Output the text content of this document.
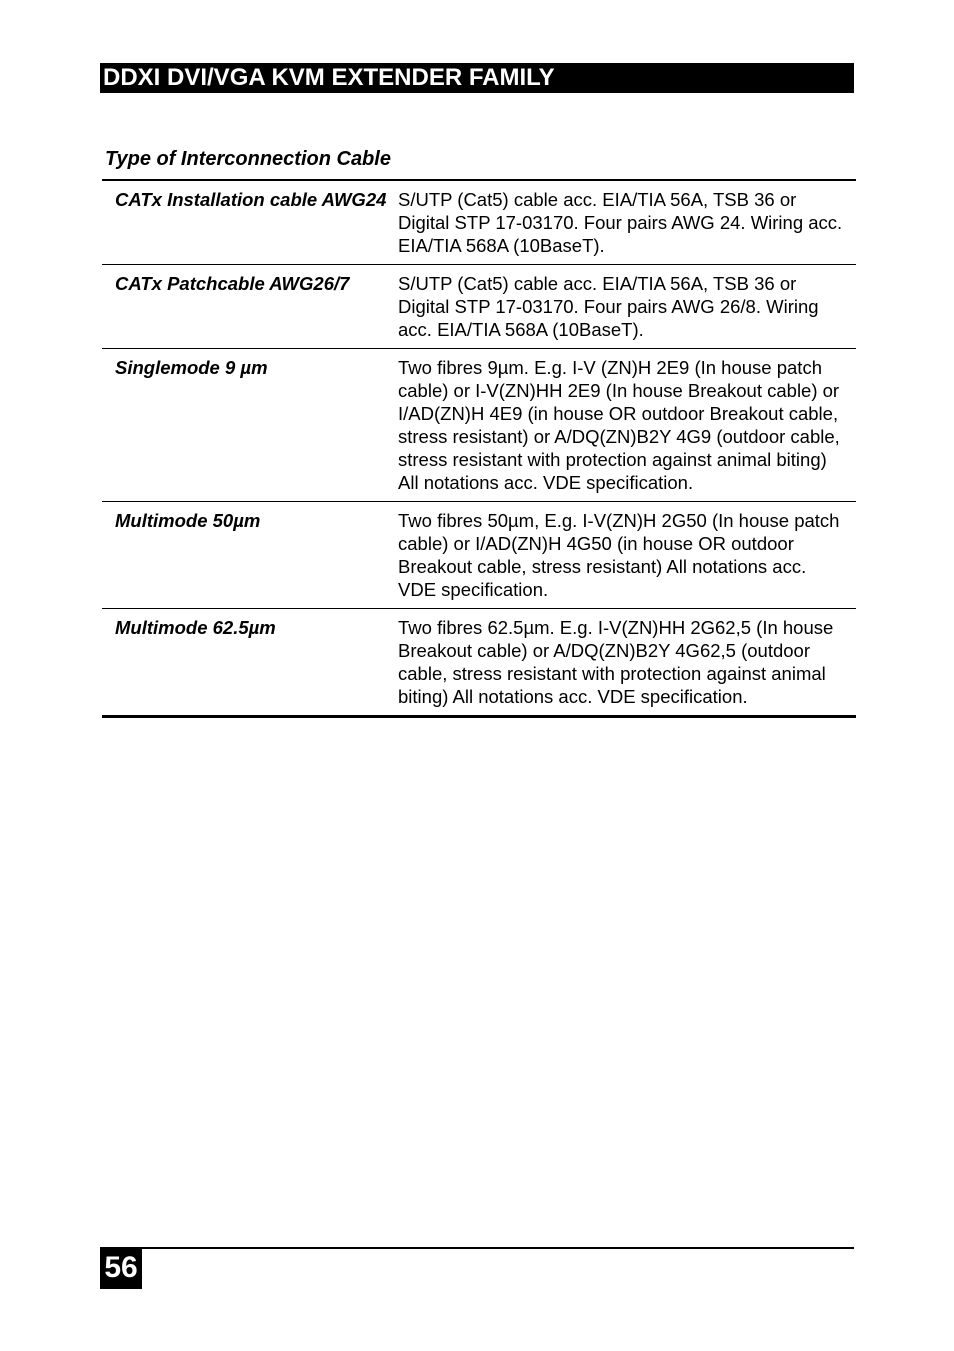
DDXI DVI/VGA KVM EXTENDER FAMILY
Type of Interconnection Cable
CATx Installation cable AWG24	S/UTP (Cat5) cable acc. EIA/TIA 56A, TSB 36 or Digital STP 17-03170. Four pairs AWG 24. Wiring acc. EIA/TIA 568A (10BaseT).
CATx Patchcable AWG26/7	S/UTP (Cat5) cable acc. EIA/TIA 56A, TSB 36 or Digital STP 17-03170. Four pairs AWG 26/8. Wiring acc. EIA/TIA 568A (10BaseT).
Singlemode 9 µm	Two fibres 9µm. E.g. I-V (ZN)H 2E9 (In house patch cable) or I-V(ZN)HH 2E9 (In house Breakout cable) or I/AD(ZN)H 4E9 (in house OR outdoor Breakout cable, stress resistant) or A/DQ(ZN)B2Y 4G9 (outdoor cable, stress resistant with protection against animal biting) All notations acc. VDE specification.
Multimode 50µm	Two fibres 50µm, E.g. I-V(ZN)H 2G50 (In house patch cable) or I/AD(ZN)H 4G50 (in house OR outdoor Breakout cable, stress resistant) All notations acc. VDE specification.
Multimode 62.5µm	Two fibres 62.5µm. E.g. I-V(ZN)HH 2G62,5 (In house Breakout cable) or A/DQ(ZN)B2Y 4G62,5 (outdoor cable, stress resistant with protection against animal biting) All notations acc. VDE specification.
56
